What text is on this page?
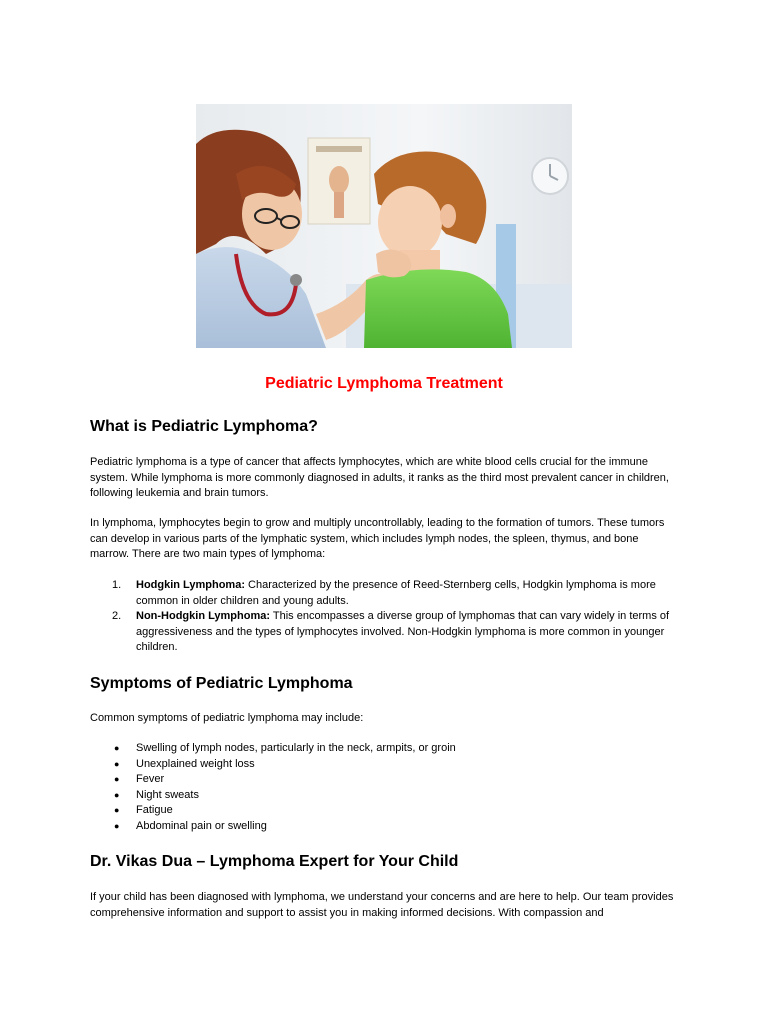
Pediatric Lymphoma Treatment
What is Pediatric Lymphoma?

Pediatric lymphoma is a type of cancer that affects lymphocytes, which are white blood cells crucial for the immune system. While lymphoma is more commonly diagnosed in adults, it ranks as the third most prevalent cancer in children, following leukemia and brain tumors.

In lymphoma, lymphocytes begin to grow and multiply uncontrollably, leading to the formation of tumors. These tumors can develop in various parts of the lymphatic system, which includes lymph nodes, the spleen, thymus, and bone marrow. There are two main types of lymphoma:

1. Hodgkin Lymphoma: Characterized by the presence of Reed-Sternberg cells, Hodgkin lymphoma is more common in older children and young adults.
2. Non-Hodgkin Lymphoma: This encompasses a diverse group of lymphomas that can vary widely in terms of aggressiveness and the types of lymphocytes involved. Non-Hodgkin lymphoma is more common in younger children.
Symptoms of Pediatric Lymphoma

Common symptoms of pediatric lymphoma may include:

● Swelling of lymph nodes, particularly in the neck, armpits, or groin
● Unexplained weight loss
● Fever
● Night sweats
● Fatigue
● Abdominal pain or swelling
Dr. Vikas Dua – Lymphoma Expert for Your Child

If your child has been diagnosed with lymphoma, we understand your concerns and are here to help. Our team provides comprehensive information and support to assist you in making informed decisions. With compassion and
